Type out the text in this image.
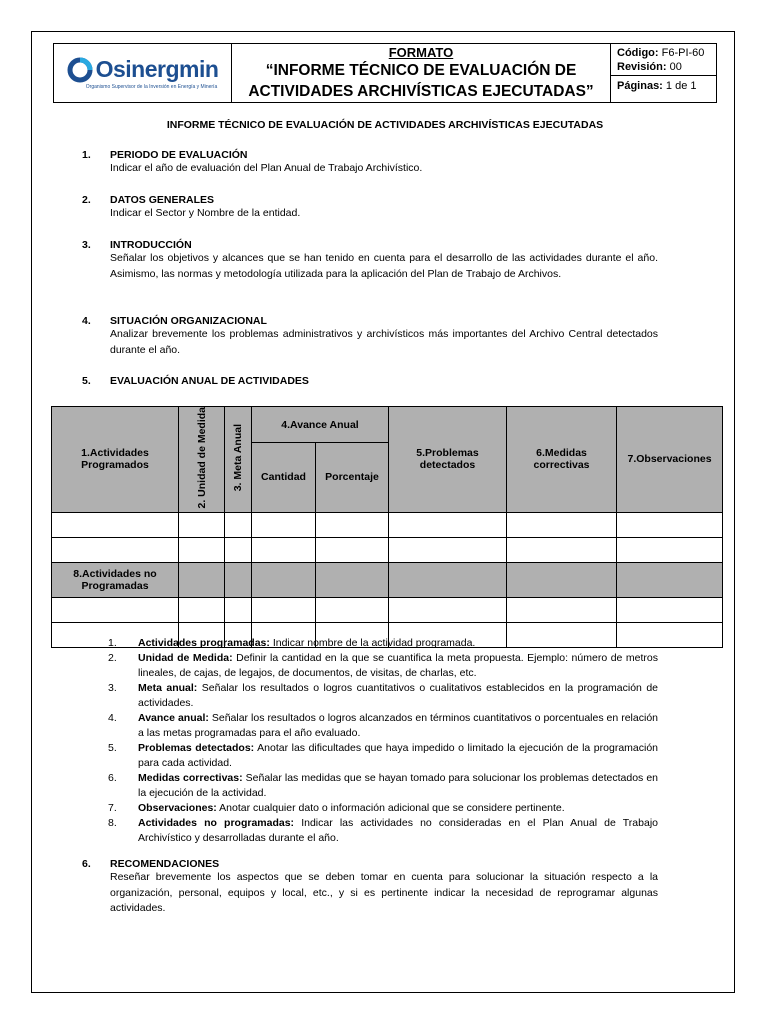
Osinergmin
Organismo Supervisor de la Inversión en Energía y Minería
FORMATO
“INFORME TÉCNICO DE EVALUACIÓN DE
ACTIVIDADES ARCHIVÍSTICAS EJECUTADAS”
Código: F6-PI-60
Revisión: 00
Páginas: 1 de 1
INFORME TÉCNICO DE EVALUACIÓN DE ACTIVIDADES ARCHIVÍSTICAS EJECUTADAS
1.	PERIODO DE EVALUACIÓN
Indicar el año de evaluación del Plan Anual de Trabajo Archivístico.
2.	DATOS GENERALES
Indicar el Sector y Nombre de la entidad.
3.	INTRODUCCIÓN
Señalar los objetivos y alcances que se han tenido en cuenta para el desarrollo de las actividades durante el año. Asimismo, las normas y metodología utilizada para la aplicación del Plan de Trabajo de Archivos.
4.	SITUACIÓN ORGANIZACIONAL
Analizar brevemente los problemas administrativos y archivísticos más importantes del Archivo Central detectados durante el año.
5.	EVALUACIÓN ANUAL DE ACTIVIDADES
1.Actividades Programados	2. Unidad de Medida	3. Meta Anual	4.Avance Anual		5.Problemas detectados	6.Medidas correctivas	7.Observaciones
			Cantidad	Porcentaje			

8.Actividades no Programadas							

1.	Actividades programadas: Indicar nombre de la actividad programada.
2.	Unidad de Medida: Definir la cantidad en la que se cuantifica la meta propuesta. Ejemplo: número de metros lineales, de cajas, de legajos, de documentos, de visitas, de charlas, etc.
3.	Meta anual: Señalar los resultados o logros cuantitativos o cualitativos establecidos en la programación de actividades.
4.	Avance anual: Señalar los resultados o logros alcanzados en términos cuantitativos o porcentuales en relación a las metas programadas para el año evaluado.
5.	Problemas detectados: Anotar las dificultades que haya impedido o limitado la ejecución de la programación para cada actividad.
6.	Medidas correctivas: Señalar las medidas que se hayan tomado para solucionar los problemas detectados en la ejecución de la actividad.
7.	Observaciones: Anotar cualquier dato o información adicional que se considere pertinente.
8.	Actividades no programadas: Indicar las actividades no consideradas en el Plan Anual de Trabajo Archivístico y desarrolladas durante el año.
6.	RECOMENDACIONES
Reseñar brevemente los aspectos que se deben tomar en cuenta para solucionar la situación respecto a la organización, personal, equipos y local, etc., y si es pertinente indicar la necesidad de reprogramar algunas actividades.
